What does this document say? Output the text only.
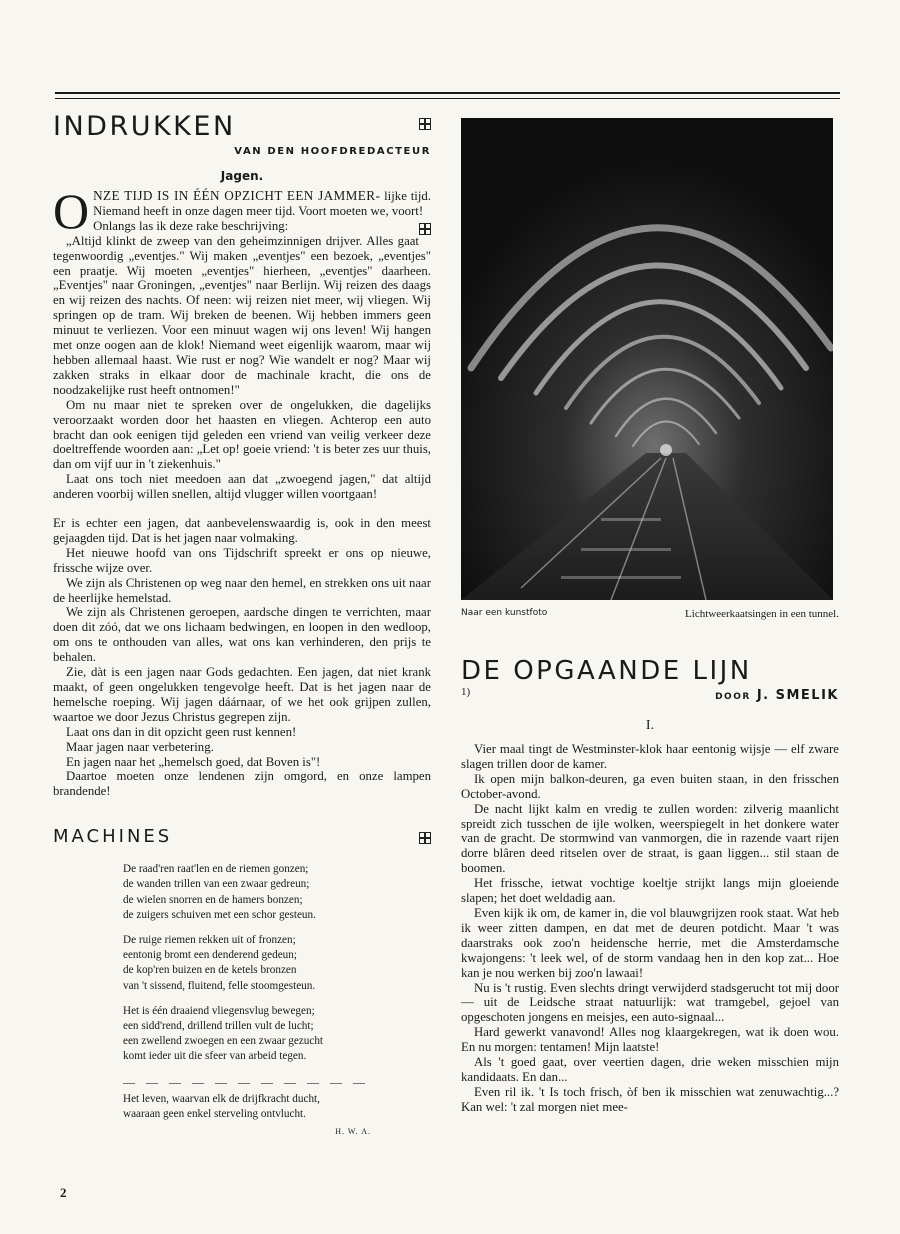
INDRUKKEN
VAN DEN HOOFDREDACTEUR
Jagen.

ONZE TIJD IS IN ÉÉN OPZICHT EEN JAMMER- lijke tijd. Niemand heeft in onze dagen meer tijd. Voort moeten we, voort!

Onlangs las ik deze rake beschrijving:

„Altijd klinkt de zweep van den geheimzinnigen drijver. Alles gaat tegenwoordig „eventjes." Wij maken „eventjes" een bezoek, „eventjes" een praatje. Wij moeten „eventjes" hierheen, „eventjes" daarheen. „Eventjes" naar Groningen, „eventjes" naar Berlijn. Wij reizen des daags en wij reizen des nachts. Of neen: wij reizen niet meer, wij vliegen. Wij springen op de tram. Wij breken de beenen. Wij hebben immers geen minuut te verliezen. Voor een minuut wagen wij ons leven! Wij hangen met onze oogen aan de klok! Niemand weet eigenlijk waarom, maar wij hebben allemaal haast. Wie rust er nog? Wie wandelt er nog? Maar wij zakken straks in elkaar door de machinale kracht, die ons de noodzakelijke rust heeft ontnomen!"

Om nu maar niet te spreken over de ongelukken, die dagelijks veroorzaakt worden door het haasten en vliegen. Achterop een auto bracht dan ook eenigen tijd geleden een vriend van veilig verkeer deze doeltreffende woorden aan: „Let op! goeie vriend: 't is beter zes uur thuis, dan om vijf uur in 't ziekenhuis."

Laat ons toch niet meedoen aan dat „zwoegend jagen," dat altijd anderen voorbij willen snellen, altijd vlugger willen voortgaan!

Er is echter een jagen, dat aanbevelenswaardig is, ook in den meest gejaagden tijd. Dat is het jagen naar volmaking.

Het nieuwe hoofd van ons Tijdschrift spreekt er ons op nieuwe, frissche wijze over.

We zijn als Christenen op weg naar den hemel, en strekken ons uit naar de heerlijke hemelstad.

We zijn als Christenen geroepen, aardsche dingen te verrichten, maar doen dit zóó, dat we ons lichaam bedwingen, en loopen in den wedloop, om ons te onthouden van alles, wat ons kan verhinderen, den prijs te behalen.

Zie, dàt is een jagen naar Gods gedachten. Een jagen, dat niet krank maakt, of geen ongelukken tengevolge heeft. Dat is het jagen naar de hemelsche roeping. Wij jagen dáárnaar, of we het ook grijpen zullen, waartoe we door Jezus Christus gegrepen zijn.

Laat ons dan in dit opzicht geen rust kennen!

Maar jagen naar verbetering.

En jagen naar het „hemelsch goed, dat Boven is"!

Daartoe moeten onze lendenen zijn omgord, en onze lampen brandende!

MACHINES
De raad'ren raat'len en de riemen gonzen;
de wanden trillen van een zwaar gedreun;
de wielen snorren en de hamers bonzen;
de zuigers schuiven met een schor gesteun.
De ruige riemen rekken uit of fronzen;
eentonig bromt een denderend gedeun;
de kop'ren buizen en de ketels bronzen
van 't sissend, fluitend, felle stoomgesteun.
Het is één draaiend vliegensvlug bewegen;
een sidd'rend, drillend trillen vult de lucht;
een zwellend zwoegen en een zwaar gezucht
komt ieder uit die sfeer van arbeid tegen.
— — — — — — — — — — —
Het leven, waarvan elk de drijfkracht ducht,
waaraan geen enkel sterveling ontvlucht.
H. W. A.
2
Naar een kunstfoto	Lichtweerkaatsingen in een tunnel.
DE OPGAANDE LIJN
1)	DOOR J. SMELIK
I.

Vier maal tingt de Westminster-klok haar eentonig wijsje — elf zware slagen trillen door de kamer.

Ik open mijn balkon-deuren, ga even buiten staan, in den frisschen October-avond.

De nacht lijkt kalm en vredig te zullen worden: zilverig maanlicht spreidt zich tusschen de ijle wolken, weerspiegelt in het donkere water van de gracht. De stormwind van vanmorgen, die in razende vaart rijen dorre blâren deed ritselen over de straat, is gaan liggen... stil staan de boomen.

Het frissche, ietwat vochtige koeltje strijkt langs mijn gloeiende slapen; het doet weldadig aan.

Even kijk ik om, de kamer in, die vol blauwgrijzen rook staat. Wat heb ik weer zitten dampen, en dat met de deuren potdicht. Maar 't was daarstraks ook zoo'n heidensche herrie, met die Amsterdamsche kwajongens: 't leek wel, of de storm vandaag hen in den kop zat... Hoe kan je nou werken bij zoo'n lawaai!

Nu is 't rustig. Even slechts dringt verwijderd stadsgerucht tot mij door — uit de Leidsche straat natuurlijk: wat tramgebel, gejoel van opgeschoten jongens en meisjes, een auto-signaal...

Hard gewerkt vanavond! Alles nog klaargekregen, wat ik doen wou. En nu morgen: tentamen! Mijn laatste!

Als 't goed gaat, over veertien dagen, drie weken misschien mijn kandidaats. En dan...

Even ril ik. 't Is toch frisch, òf ben ik misschien wat zenuwachtig...? Kan wel: 't zal morgen niet mee-
